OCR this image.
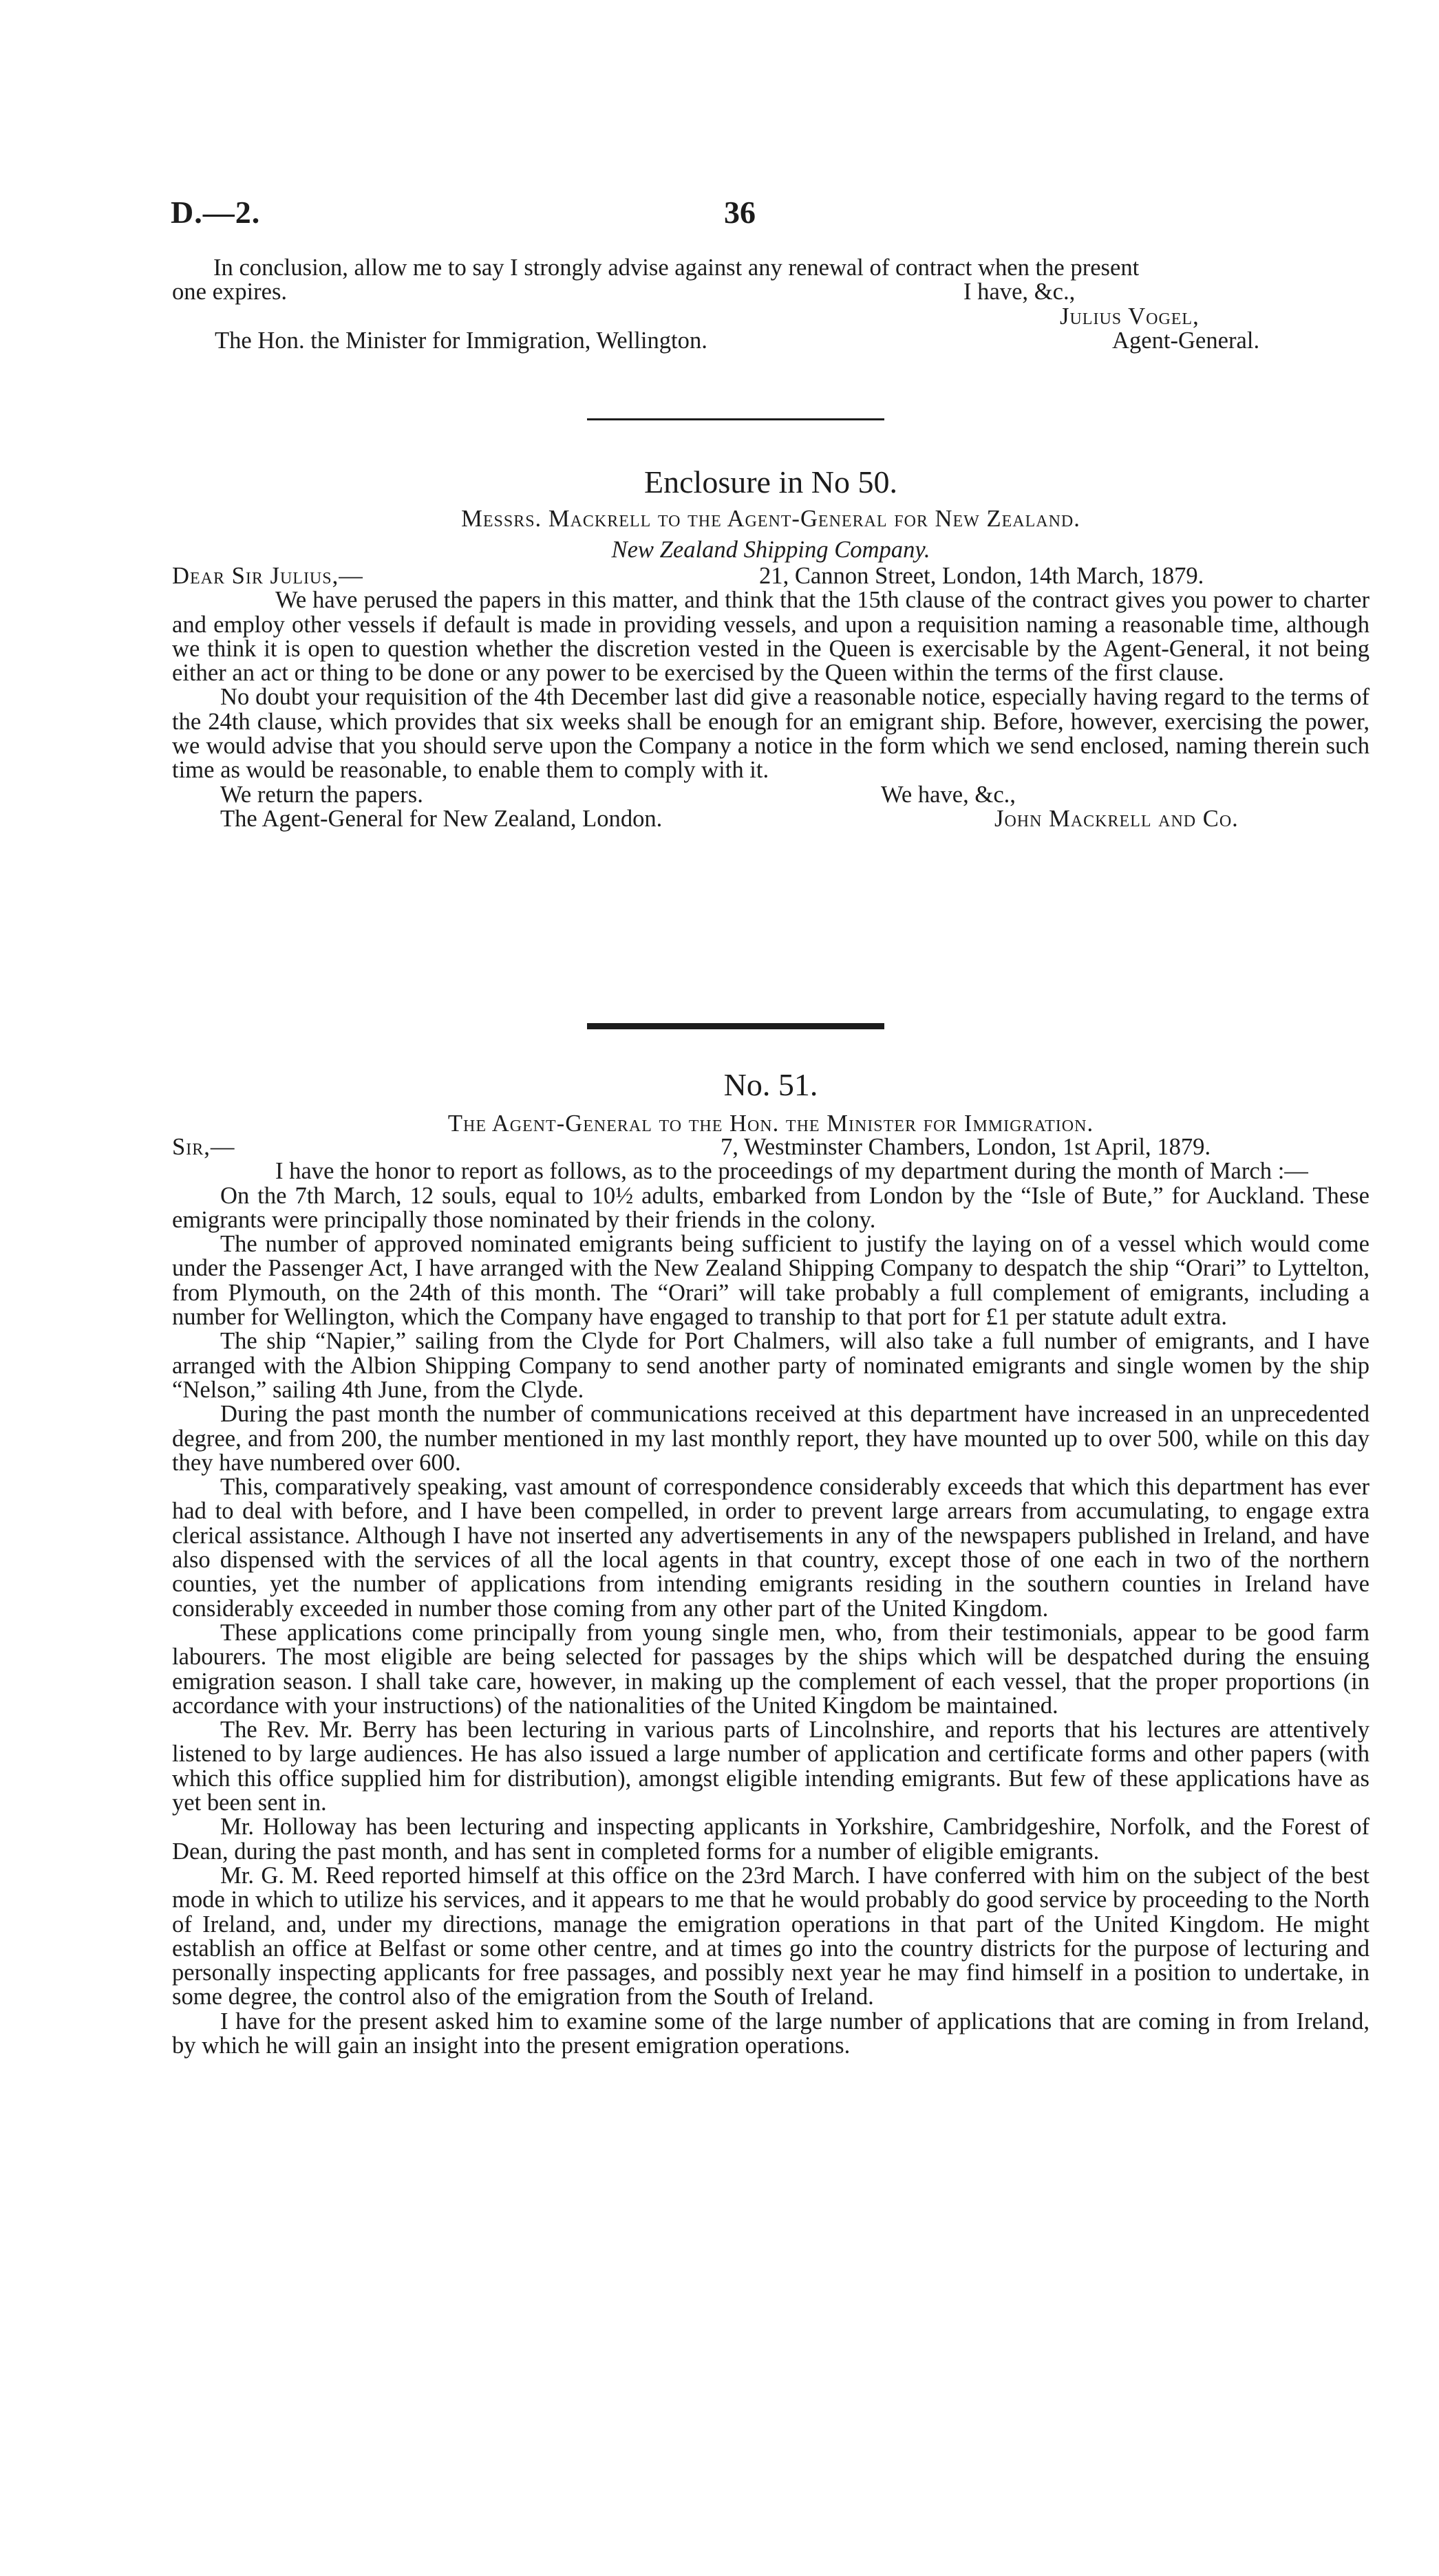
D.—2.	36
In conclusion, allow me to say I strongly advise against any renewal of contract when the present
one expires.	I have, &c.,
Julius Vogel,
The Hon. the Minister for Immigration, Wellington.	Agent-General.
Enclosure in No 50.
Messrs. Mackrell to the Agent-General for New Zealand.
New Zealand Shipping Company.
Dear Sir Julius,—	21, Cannon Street, London, 14th March, 1879.

We have perused the papers in this matter, and think that the 15th clause of the contract gives you power to charter and employ other vessels if default is made in providing vessels, and upon a requisition naming a reasonable time, although we think it is open to question whether the discretion vested in the Queen is exercisable by the Agent-General, it not being either an act or thing to be done or any power to be exercised by the Queen within the terms of the first clause.

No doubt your requisition of the 4th December last did give a reasonable notice, especially having regard to the terms of the 24th clause, which provides that six weeks shall be enough for an emigrant ship. Before, however, exercising the power, we would advise that you should serve upon the Company a notice in the form which we send enclosed, naming therein such time as would be reasonable, to enable them to comply with it.

We return the papers.	We have, &c.,
The Agent-General for New Zealand, London.	John Mackrell and Co.
No. 51.
The Agent-General to the Hon. the Minister for Immigration.
Sir,—	7, Westminster Chambers, London, 1st April, 1879.

I have the honor to report as follows, as to the proceedings of my department during the month of March :—

On the 7th March, 12 souls, equal to 10½ adults, embarked from London by the “Isle of Bute,” for Auckland. These emigrants were principally those nominated by their friends in the colony.

The number of approved nominated emigrants being sufficient to justify the laying on of a vessel which would come under the Passenger Act, I have arranged with the New Zealand Shipping Company to despatch the ship “Orari” to Lyttelton, from Plymouth, on the 24th of this month. The “Orari” will take probably a full complement of emigrants, including a number for Wellington, which the Company have engaged to tranship to that port for £1 per statute adult extra.

The ship “Napier,” sailing from the Clyde for Port Chalmers, will also take a full number of emigrants, and I have arranged with the Albion Shipping Company to send another party of nominated emigrants and single women by the ship “Nelson,” sailing 4th June, from the Clyde.

During the past month the number of communications received at this department have increased in an unprecedented degree, and from 200, the number mentioned in my last monthly report, they have mounted up to over 500, while on this day they have numbered over 600.

This, comparatively speaking, vast amount of correspondence considerably exceeds that which this department has ever had to deal with before, and I have been compelled, in order to prevent large arrears from accumulating, to engage extra clerical assistance. Although I have not inserted any advertisements in any of the newspapers published in Ireland, and have also dispensed with the services of all the local agents in that country, except those of one each in two of the northern counties, yet the number of applications from intending emigrants residing in the southern counties in Ireland have considerably exceeded in number those coming from any other part of the United Kingdom.

These applications come principally from young single men, who, from their testimonials, appear to be good farm labourers. The most eligible are being selected for passages by the ships which will be despatched during the ensuing emigration season. I shall take care, however, in making up the complement of each vessel, that the proper proportions (in accordance with your instructions) of the nationalities of the United Kingdom be maintained.

The Rev. Mr. Berry has been lecturing in various parts of Lincolnshire, and reports that his lectures are attentively listened to by large audiences. He has also issued a large number of application and certificate forms and other papers (with which this office supplied him for distribution), amongst eligible intending emigrants. But few of these applications have as yet been sent in.

Mr. Holloway has been lecturing and inspecting applicants in Yorkshire, Cambridgeshire, Norfolk, and the Forest of Dean, during the past month, and has sent in completed forms for a number of eligible emigrants.

Mr. G. M. Reed reported himself at this office on the 23rd March. I have conferred with him on the subject of the best mode in which to utilize his services, and it appears to me that he would probably do good service by proceeding to the North of Ireland, and, under my directions, manage the emigration operations in that part of the United Kingdom. He might establish an office at Belfast or some other centre, and at times go into the country districts for the purpose of lecturing and personally inspecting applicants for free passages, and possibly next year he may find himself in a position to undertake, in some degree, the control also of the emigration from the South of Ireland.

I have for the present asked him to examine some of the large number of applications that are coming in from Ireland, by which he will gain an insight into the present emigration operations.
